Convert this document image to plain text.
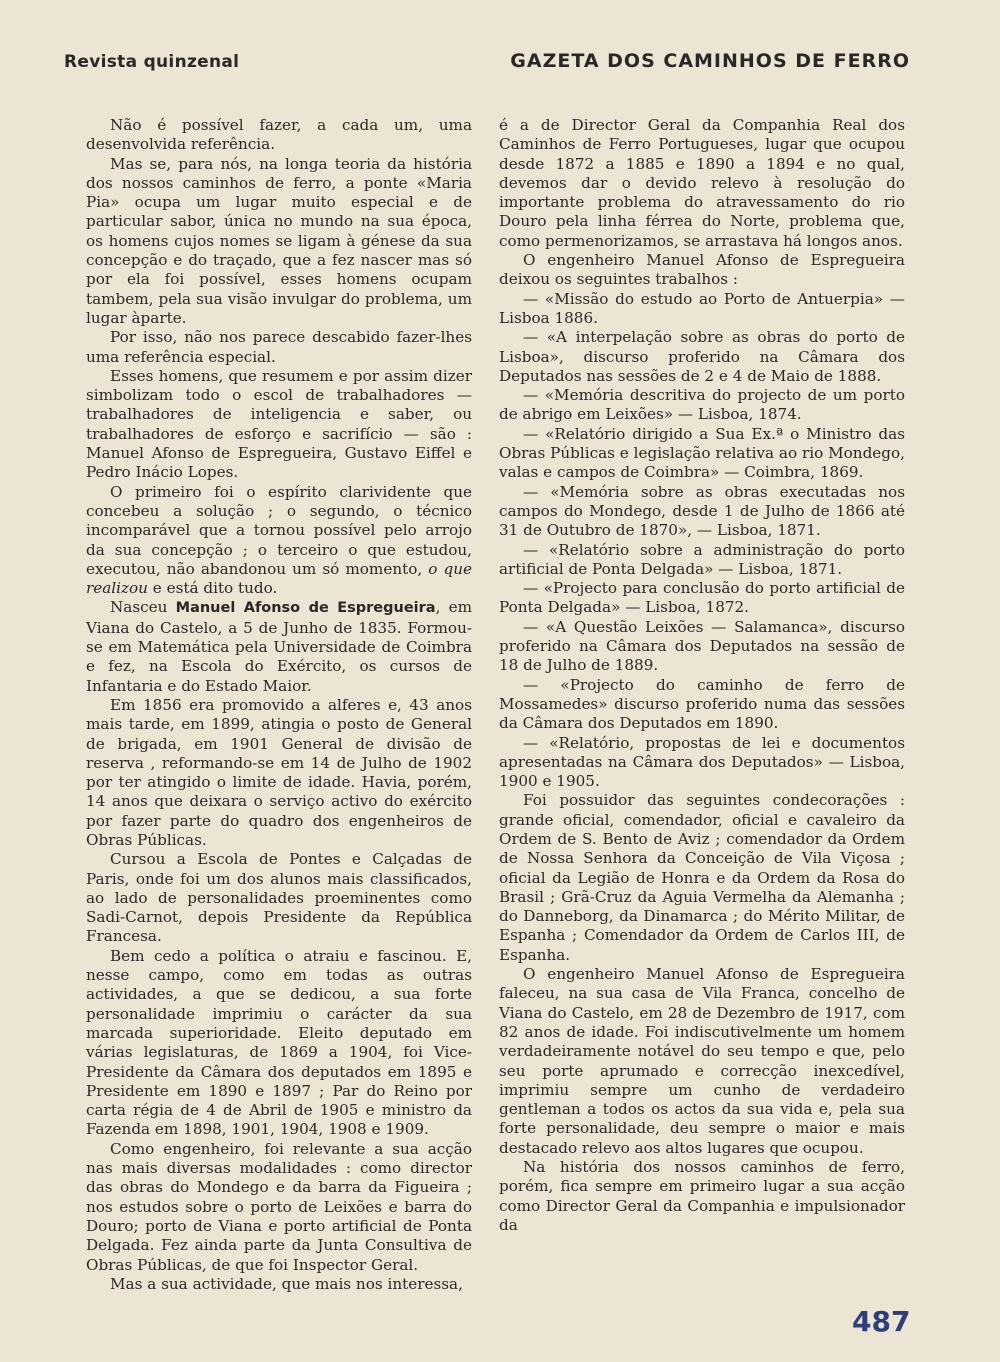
Revista quinzenal	GAZETA DOS CAMINHOS DE FERRO

Não é possível fazer, a cada um, uma desenvolvida referência.

Mas se, para nós, na longa teoria da história dos nossos caminhos de ferro, a ponte «Maria Pia» ocupa um lugar muito especial e de particular sabor, única no mundo na sua época, os homens cujos nomes se ligam à génese da sua concepção e do traçado, que a fez nascer mas só por ela foi possível, esses homens ocupam tambem, pela sua visão invulgar do problema, um lugar àparte.

Por isso, não nos parece descabido fazer-lhes uma referência especial.

Esses homens, que resumem e por assim dizer simbolizam todo o escol de trabalhadores — trabalhadores de inteligencia e saber, ou trabalhadores de esforço e sacrifício — são : Manuel Afonso de Espregueira, Gustavo Eiffel e Pedro Inácio Lopes.

O primeiro foi o espírito clarividente que concebeu a solução ; o segundo, o técnico incomparável que a tornou possível pelo arrojo da sua concepção ; o terceiro o que estudou, executou, não abandonou um só momento, o que realizou e está dito tudo.

Nasceu Manuel Afonso de Espregueira, em Viana do Castelo, a 5 de Junho de 1835. Formou-se em Matemática pela Universidade de Coimbra e fez, na Escola do Exército, os cursos de Infantaria e do Estado Maior.

Em 1856 era promovido a alferes e, 43 anos mais tarde, em 1899, atingia o posto de General de brigada, em 1901 General de divisão de reserva , reformando-se em 14 de Julho de 1902 por ter atingido o limite de idade. Havia, porém, 14 anos que deixara o serviço activo do exército por fazer parte do quadro dos engenheiros de Obras Públicas.

Cursou a Escola de Pontes e Calçadas de Paris, onde foi um dos alunos mais classificados, ao lado de personalidades proeminentes como Sadi-Carnot, depois Presidente da República Francesa.

Bem cedo a política o atraiu e fascinou. E, nesse campo, como em todas as outras actividades, a que se dedicou, a sua forte personalidade imprimiu o carácter da sua marcada superioridade. Eleito deputado em várias legislaturas, de 1869 a 1904, foi Vice-Presidente da Câmara dos deputados em 1895 e Presidente em 1890 e 1897 ; Par do Reino por carta régia de 4 de Abril de 1905 e ministro da Fazenda em 1898, 1901, 1904, 1908 e 1909.

Como engenheiro, foi relevante a sua acção nas mais diversas modalidades : como director das obras do Mondego e da barra da Figueira ; nos estudos sobre o porto de Leixões e barra do Douro; porto de Viana e porto artificial de Ponta Delgada. Fez ainda parte da Junta Consultiva de Obras Públicas, de que foi Inspector Geral.

Mas a sua actividade, que mais nos interessa,

é a de Director Geral da Companhia Real dos Caminhos de Ferro Portugueses, lugar que ocupou desde 1872 a 1885 e 1890 a 1894 e no qual, devemos dar o devido relevo à resolução do importante problema do atravessamento do rio Douro pela linha férrea do Norte, problema que, como permenorizamos, se arrastava há longos anos.

O engenheiro Manuel Afonso de Espregueira deixou os seguintes trabalhos :

— «Missão do estudo ao Porto de Antuerpia» — Lisboa 1886.

— «A interpelação sobre as obras do porto de Lisboa», discurso proferido na Câmara dos Deputados nas sessões de 2 e 4 de Maio de 1888.

— «Memória descritiva do projecto de um porto de abrigo em Leixões» — Lisboa, 1874.

— «Relatório dirigido a Sua Ex.ª o Ministro das Obras Públicas e legislação relativa ao rio Mondego, valas e campos de Coimbra» — Coimbra, 1869.

— «Memória sobre as obras executadas nos campos do Mondego, desde 1 de Julho de 1866 até 31 de Outubro de 1870», — Lisboa, 1871.

— «Relatório sobre a administração do porto artificial de Ponta Delgada» — Lisboa, 1871.

— «Projecto para conclusão do porto artificial de Ponta Delgada» — Lisboa, 1872.

— «A Questão Leixões — Salamanca», discurso proferido na Câmara dos Deputados na sessão de 18 de Julho de 1889.

— «Projecto do caminho de ferro de Mossamedes» discurso proferido numa das sessões da Câmara dos Deputados em 1890.

— «Relatório, propostas de lei e documentos apresentadas na Câmara dos Deputados» — Lisboa, 1900 e 1905.

Foi possuidor das seguintes condecorações : grande oficial, comendador, oficial e cavaleiro da Ordem de S. Bento de Aviz ; comendador da Ordem de Nossa Senhora da Conceição de Vila Viçosa ; oficial da Legião de Honra e da Ordem da Rosa do Brasil ; Grã-Cruz da Aguia Vermelha da Alemanha ; do Danneborg, da Dinamarca ; do Mérito Militar, de Espanha ; Comendador da Ordem de Carlos III, de Espanha.

O engenheiro Manuel Afonso de Espregueira faleceu, na sua casa de Vila Franca, concelho de Viana do Castelo, em 28 de Dezembro de 1917, com 82 anos de idade. Foi indiscutivelmente um homem verdadeiramente notável do seu tempo e que, pelo seu porte aprumado e correcção inexcedível, imprimiu sempre um cunho de verdadeiro gentleman a todos os actos da sua vida e, pela sua forte personalidade, deu sempre o maior e mais destacado relevo aos altos lugares que ocupou.

Na história dos nossos caminhos de ferro, porém, fica sempre em primeiro lugar a sua acção como Director Geral da Companhia e impulsionador da

487
